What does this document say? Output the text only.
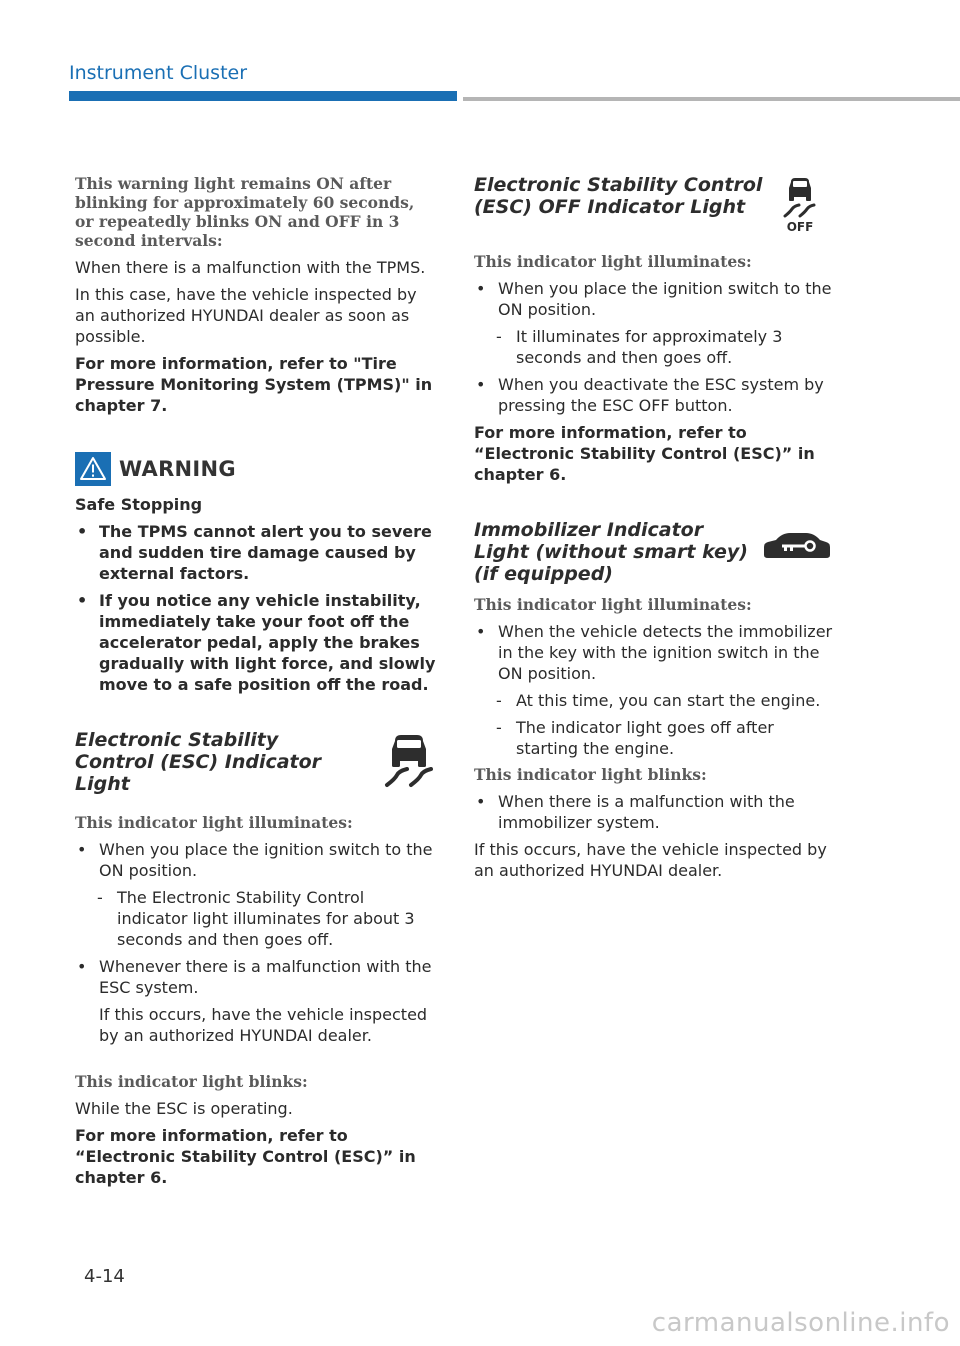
Instrument Cluster
This warning light remains ON after blinking for approximately 60 seconds, or repeatedly blinks ON and OFF in 3 second intervals:
When there is a malfunction with the TPMS.
In this case, have the vehicle inspected by an authorized HYUNDAI dealer as soon as possible.
For more information, refer to "Tire Pressure Monitoring System (TPMS)" in chapter 7.
WARNING
Safe Stopping
• The TPMS cannot alert you to severe and sudden tire damage caused by external factors.
• If you notice any vehicle instability, immediately take your foot off the accelerator pedal, apply the brakes gradually with light force, and slowly move to a safe position off the road.
Electronic Stability Control (ESC) Indicator Light
This indicator light illuminates:
• When you place the ignition switch to the ON position.
- The Electronic Stability Control indicator light illuminates for about 3 seconds and then goes off.
• Whenever there is a malfunction with the ESC system.
If this occurs, have the vehicle inspected by an authorized HYUNDAI dealer.
This indicator light blinks:
While the ESC is operating.
For more information, refer to “Electronic Stability Control (ESC)” in chapter 6.
Electronic Stability Control (ESC) OFF Indicator Light
OFF
This indicator light illuminates:
• When you place the ignition switch to the ON position.
- It illuminates for approximately 3 seconds and then goes off.
• When you deactivate the ESC system by pressing the ESC OFF button.
For more information, refer to “Electronic Stability Control (ESC)” in chapter 6.
Immobilizer Indicator Light (without smart key) (if equipped)
This indicator light illuminates:
• When the vehicle detects the immobilizer in the key with the ignition switch in the ON position.
- At this time, you can start the engine.
- The indicator light goes off after starting the engine.
This indicator light blinks:
• When there is a malfunction with the immobilizer system.
If this occurs, have the vehicle inspected by an authorized HYUNDAI dealer.
4-14
carmanualsonline.info
